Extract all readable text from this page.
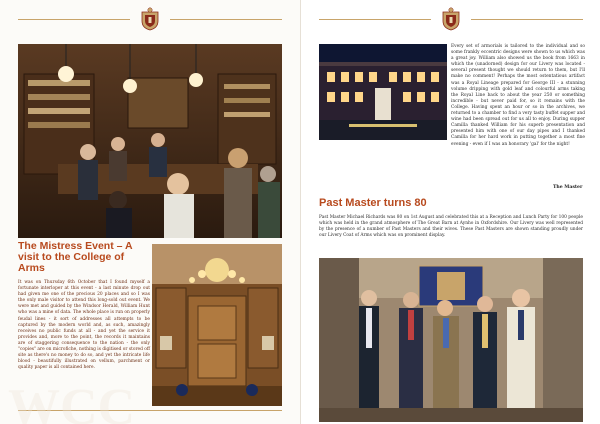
The Mistress Event – A visit to the College of Arms

It was on Thursday 6th October that I found myself a fortunate interloper at this event - a last minute drop out had given me one of the precious 20 places and so I was the only male visitor to attend this long-sold out event. We were met and guided by the Windsor Herald, William Hunt who was a mine of data. The whole place is run on properly feudal lines - it sort of addresses all attempts to be captured by the modern world and, as such, amazingly receives no public funds at all - and yet the service it provides and, more to the point, the records it maintains are of staggering consequence to the nation - the only "copies" are on microfiche, nothing is digitised or stored off site as there's no money to do so, and yet the intricate life blood - beautifully illustrated on vellum, parchment or quality paper is all contained here.

WCC

Every set of armorials is tailored to the individual and so some frankly eccentric designs were shown to us which was a great joy. William also showed us the book from 1663 in which the (unadorned) design for our Livery was located - several present thought we should return to them, but I'll make no comment! Perhaps the most ostentatious artifact was a Royal Lineage prepared for George III - a stunning volume dripping with gold leaf and colourful arms taking the Royal Line back to about the year 250 or something incredible - but never paid for, so it remains with the College. Having spent an hour or so in the archives, we returned to a chamber to find a very tasty buffet supper and wine had been spread out for us all to enjoy. During supper Camilla thanked William for his superb presentation and presented him with one of our day pipes and I thanked Camilla for her hard work in putting together a most fine evening - even if I was an honorary 'gal' for the night!

The Master
Past Master turns 80

Past Master Michael Richards was 80 on 1st August and celebrated this at a Reception and Lunch Party for 100 people which was held in the grand atmosphere of The Great Barn at Aynho in Oxfordshire. Our Livery was well represented by the presence of a number of Past Masters and their wives. These Past Masters are shown standing proudly under our Livery Coat of Arms which was on prominent display.
